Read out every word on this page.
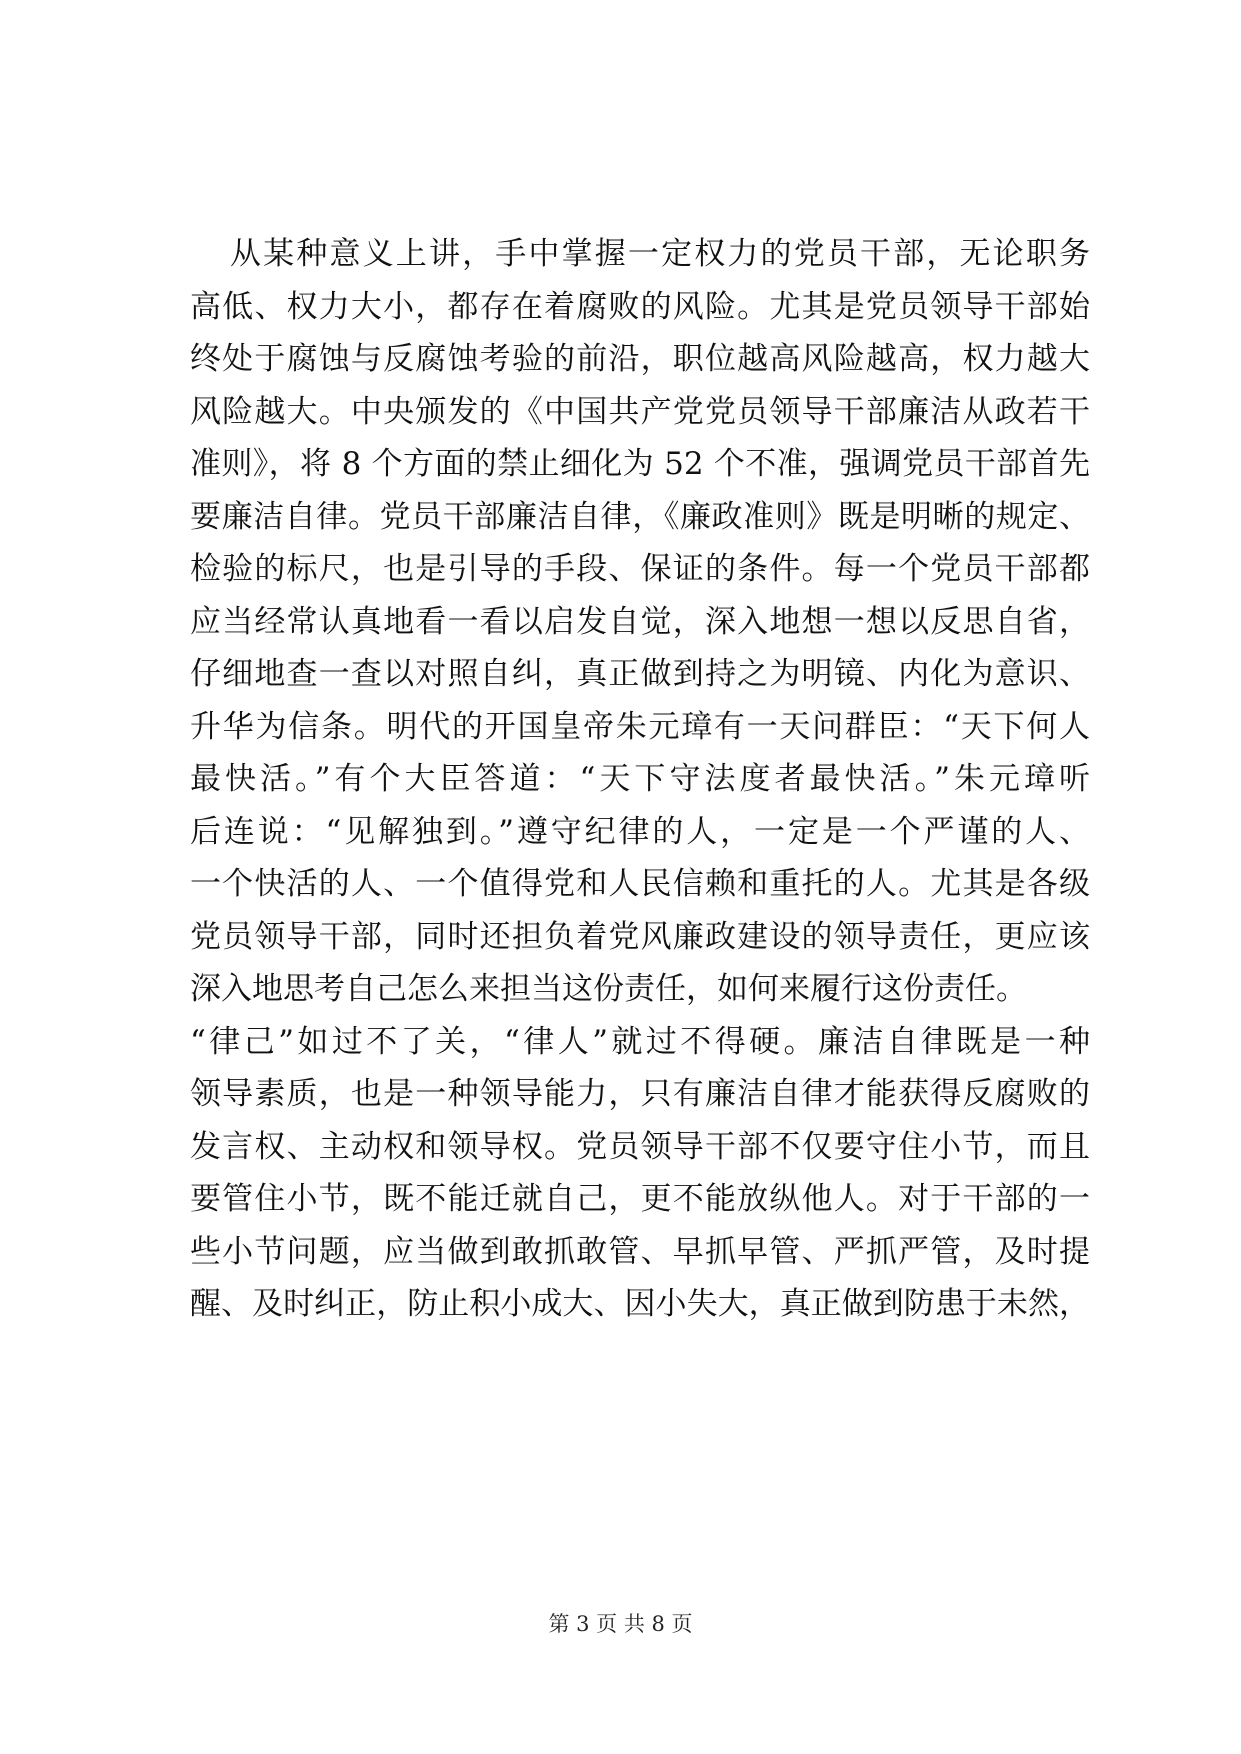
从某种意义上讲，手中掌握一定权力的党员干部，无论职务
高低、权力大小，都存在着腐败的风险。尤其是党员领导干部始
终处于腐蚀与反腐蚀考验的前沿，职位越高风险越高，权力越大
风险越大。中央颁发的《中国共产党党员领导干部廉洁从政若干
准则》，将 8 个方面的禁止细化为 52 个不准，强调党员干部首先
要廉洁自律。党员干部廉洁自律，《廉政准则》既是明晰的规定、
检验的标尺，也是引导的手段、保证的条件。每一个党员干部都
应当经常认真地看一看以启发自觉，深入地想一想以反思自省，
仔细地查一查以对照自纠，真正做到持之为明镜、内化为意识、
升华为信条。明代的开国皇帝朱元璋有一天问群臣：“天下何人
最快活。”有个大臣答道：“天下守法度者最快活。”朱元璋听
后连说：“见解独到。”遵守纪律的人，一定是一个严谨的人、
一个快活的人、一个值得党和人民信赖和重托的人。尤其是各级
党员领导干部，同时还担负着党风廉政建设的领导责任，更应该
深入地思考自己怎么来担当这份责任，如何来履行这份责任。
“律己”如过不了关，“律人”就过不得硬。廉洁自律既是一种
领导素质，也是一种领导能力，只有廉洁自律才能获得反腐败的
发言权、主动权和领导权。党员领导干部不仅要守住小节，而且
要管住小节，既不能迁就自己，更不能放纵他人。对于干部的一
些小节问题，应当做到敢抓敢管、早抓早管、严抓严管，及时提
醒、及时纠正，防止积小成大、因小失大，真正做到防患于未然，
第 3 页 共 8 页
